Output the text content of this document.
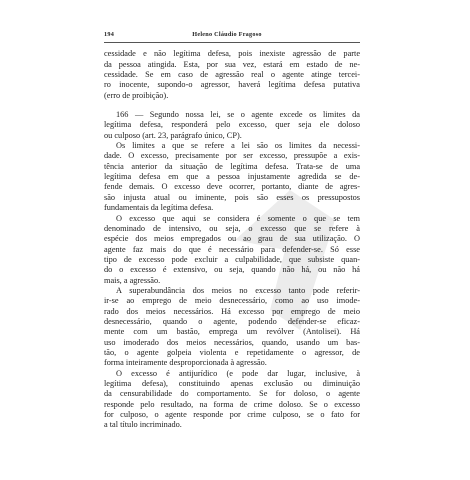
194	Heleno Cláudio Fragoso

cessidade e não legítima defesa, pois inexiste agressão de parte
da pessoa atingida. Esta, por sua vez, estará em estado de ne-
cessidade. Se em caso de agressão real o agente atinge tercei-
ro inocente, supondo-o agressor, haverá legítima defesa putativa
(erro de proibição).

166 — Segundo nossa lei, se o agente excede os limites da
legítima defesa, responderá pelo excesso, quer seja ele doloso
ou culposo (art. 23, parágrafo único, CP).

Os limites a que se refere a lei são os limites da necessi-
dade. O excesso, precisamente por ser excesso, pressupõe a exis-
tência anterior da situação de legítima defesa. Trata-se de uma
legítima defesa em que a pessoa injustamente agredida se de-
fende demais. O excesso deve ocorrer, portanto, diante de agres-
são injusta atual ou iminente, pois são esses os pressupostos
fundamentais da legítima defesa.

O excesso que aqui se considera é somente o que se tem
denominado de intensivo, ou seja, o excesso que se refere à
espécie dos meios empregados ou ao grau de sua utilização. O
agente faz mais do que é necessário para defender-se. Só esse
tipo de excesso pode excluir a culpabilidade, que subsiste quan-
do o excesso é extensivo, ou seja, quando não há, ou não há
mais, a agressão.

A superabundância dos meios no excesso tanto pode referir-
ir-se ao emprego de meio desnecessário, como ao uso imode-
rado dos meios necessários. Há excesso por emprego de meio
desnecessário, quando o agente, podendo defender-se eficaz-
mente com um bastão, emprega um revólver (Antolisei). Há
uso imoderado dos meios necessários, quando, usando um bas-
tão, o agente golpeia violenta e repetidamente o agressor, de
forma inteiramente desproporcionada à agressão.

O excesso é antijurídico (e pode dar lugar, inclusive, à
legítima defesa), constituindo apenas exclusão ou diminuição
da censurabilidade do comportamento. Se for doloso, o agente
responde pelo resultado, na forma de crime doloso. Se o excesso
for culposo, o agente responde por crime culposo, se o fato for
a tal título incriminado.
